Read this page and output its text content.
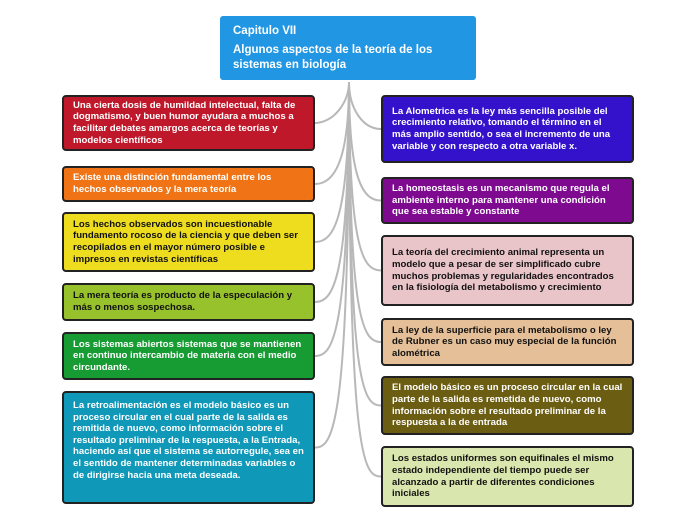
Capitulo VII
Algunos aspectos de la teoría de los sistemas en biología
Una cierta dosis de humildad intelectual, falta de dogmatismo, y buen humor ayudara a muchos a facilitar debates amargos acerca de teorías y modelos científicos
Existe una distinción fundamental entre los hechos observados y la mera teoría
Los hechos observados son incuestionable fundamento rocoso de la ciencia y que deben ser recopilados en el mayor número posible e impresos en revistas científicas
La mera teoría es producto de la especulación y más o menos sospechosa.
Los sistemas abiertos sistemas que se mantienen en continuo intercambio de materia con el medio circundante.
La retroalimentación es el modelo básico es un proceso circular en el cual parte de la salida es remitida de nuevo, como información sobre el resultado preliminar de la respuesta, a la Entrada, haciendo así que el sistema se autorregule, sea en el sentido de mantener determinadas variables o de dirigirse hacia una meta deseada.
La Alometrica es la ley más sencilla posible del crecimiento relativo, tomando el término en el más amplio sentido, o sea el incremento de una variable y con respecto a otra variable x.
La homeostasis es un mecanismo que regula el ambiente interno para mantener una condición que sea estable y constante
La teoría del crecimiento animal representa un modelo que a pesar de ser simplificado cubre muchos problemas y regularidades encontrados en la fisiología del metabolismo y crecimiento
La ley de la superficie para el metabolismo o ley de Rubner es un caso muy especial de la función alométrica
El modelo básico es un proceso circular en la cual parte de la salida es remetida de nuevo, como información sobre el resultado preliminar de la respuesta a la de entrada
Los estados uniformes son equifinales el mismo estado independiente del tiempo puede ser alcanzado a partir de diferentes condiciones iniciales
